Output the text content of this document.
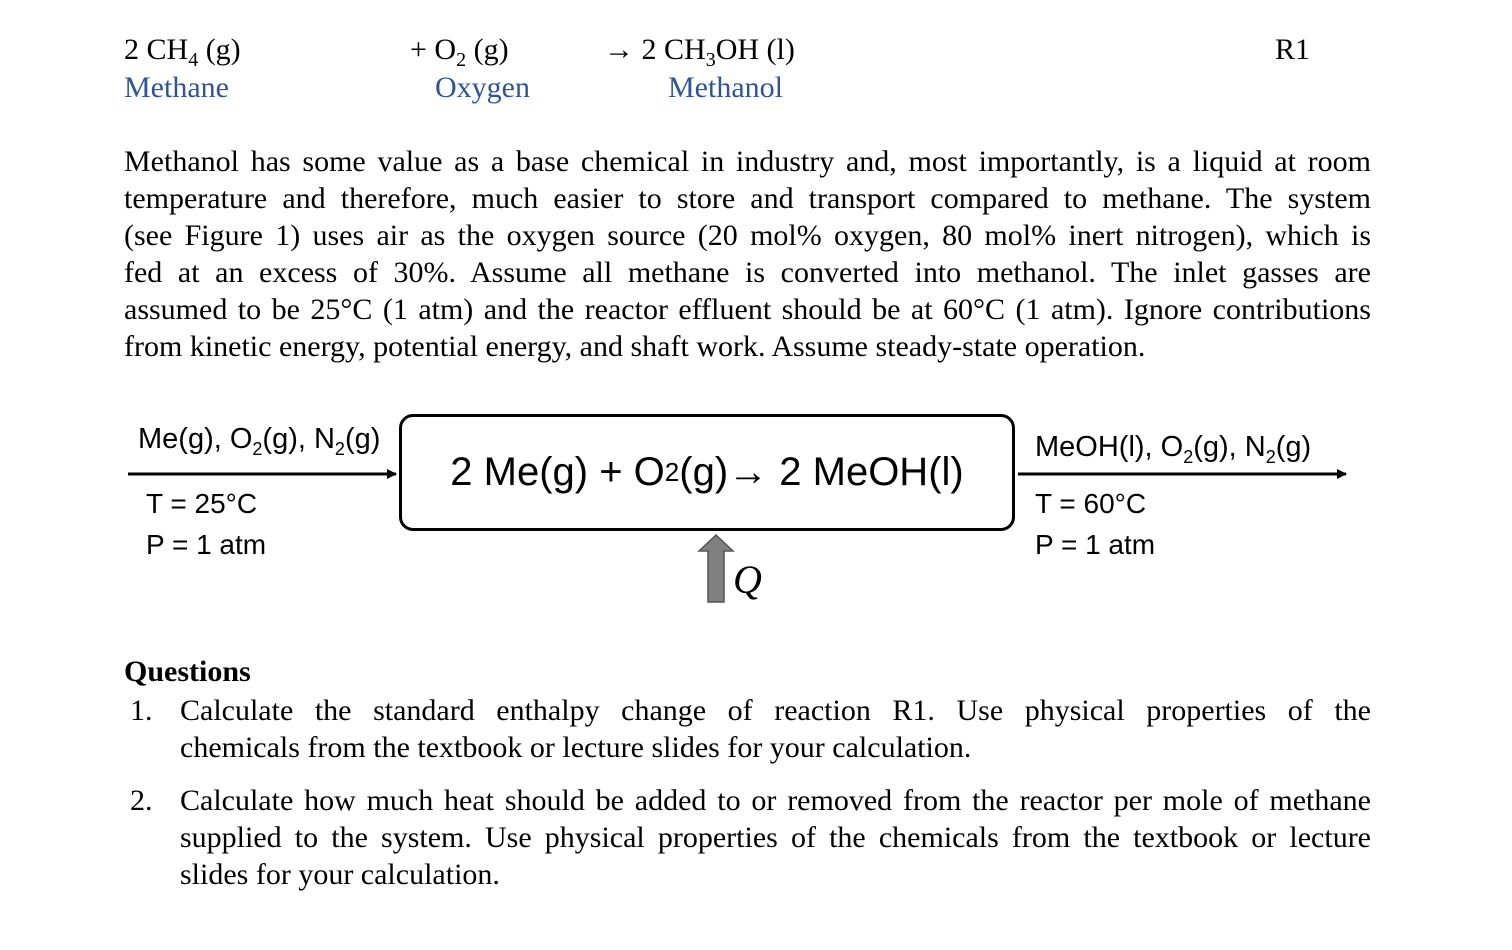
2 $CH_4$ (g)	+ $O_2$ (g)	→ 2 $CH_3OH$ (l)	R1
Methane	Oxygen	Methanol
Methanol has some value as a base chemical in industry and, most importantly, is a liquid at room
temperature and therefore, much easier to store and transport compared to methane. The system
(see Figure 1) uses air as the oxygen source (20 mol% oxygen, 80 mol% inert nitrogen), which is
fed at an excess of 30%. Assume all methane is converted into methanol. The inlet gasses are
assumed to be 25°C (1 atm) and the reactor effluent should be at 60°C (1 atm). Ignore contributions
from kinetic energy, potential energy, and shaft work. Assume steady-state operation.
Me(g), $O_2(g)$, $N_2(g)$
T = 25°C
P = 1 atm
2 Me(g) + O 2 (g)→ 2 MeOH(l)
MeOH(l), $O_2(g)$, $N_2(g)$
T = 60°C
P = 1 atm
Q
Questions
1. Calculate the standard enthalpy change of reaction R1. Use physical properties of the
chemicals from the textbook or lecture slides for your calculation.
2. Calculate how much heat should be added to or removed from the reactor per mole of methane
supplied to the system. Use physical properties of the chemicals from the textbook or lecture
slides for your calculation.
